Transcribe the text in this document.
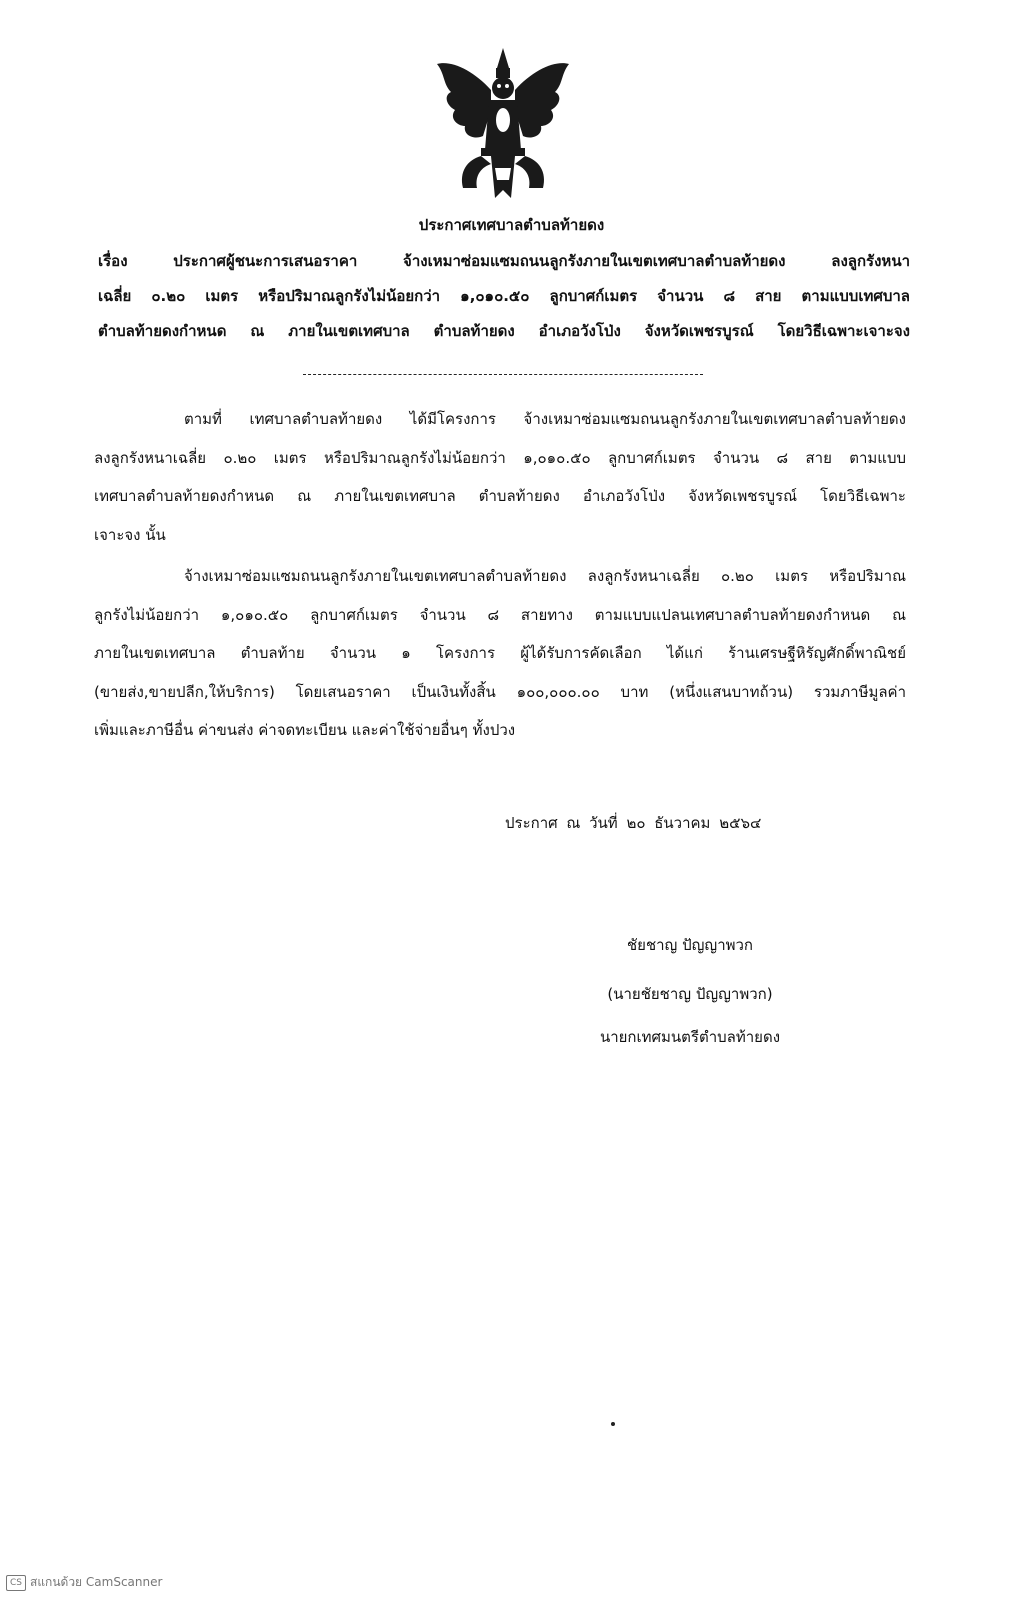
ประกาศเทศบาลตำบลท้ายดง
เรื่อง ประกาศผู้ชนะการเสนอราคา จ้างเหมาซ่อมแซมถนนลูกรังภายในเขตเทศบาลตำบลท้ายดง ลงลูกรังหนา
เฉลี่ย ๐.๒๐ เมตร หรือปริมาณลูกรังไม่น้อยกว่า ๑,๐๑๐.๕๐ ลูกบาศก์เมตร จำนวน ๘ สาย ตามแบบเทศบาล
ตำบลท้ายดงกำหนด ณ ภายในเขตเทศบาล ตำบลท้ายดง อำเภอวังโป่ง จังหวัดเพชรบูรณ์ โดยวิธีเฉพาะเจาะจง
ตามที่ เทศบาลตำบลท้ายดง ได้มีโครงการ จ้างเหมาซ่อมแซมถนนลูกรังภายในเขตเทศบาลตำบลท้ายดง
ลงลูกรังหนาเฉลี่ย ๐.๒๐ เมตร หรือปริมาณลูกรังไม่น้อยกว่า ๑,๐๑๐.๕๐ ลูกบาศก์เมตร จำนวน ๘ สาย ตามแบบ
เทศบาลตำบลท้ายดงกำหนด ณ ภายในเขตเทศบาล ตำบลท้ายดง อำเภอวังโป่ง จังหวัดเพชรบูรณ์ โดยวิธีเฉพาะ
เจาะจง นั้น
จ้างเหมาซ่อมแซมถนนลูกรังภายในเขตเทศบาลตำบลท้ายดง ลงลูกรังหนาเฉลี่ย ๐.๒๐ เมตร หรือปริมาณ
ลูกรังไม่น้อยกว่า ๑,๐๑๐.๕๐ ลูกบาศก์เมตร จำนวน ๘ สายทาง ตามแบบแปลนเทศบาลตำบลท้ายดงกำหนด ณ
ภายในเขตเทศบาล ตำบลท้าย จำนวน ๑ โครงการ ผู้ได้รับการคัดเลือก ได้แก่ ร้านเศรษฐีหิรัญศักดิ์พาณิชย์
(ขายส่ง,ขายปลีก,ให้บริการ) โดยเสนอราคา เป็นเงินทั้งสิ้น ๑๐๐,๐๐๐.๐๐ บาท (หนึ่งแสนบาทถ้วน) รวมภาษีมูลค่า
เพิ่มและภาษีอื่น ค่าขนส่ง ค่าจดทะเบียน และค่าใช้จ่ายอื่นๆ ทั้งปวง
ประกาศ ณ วันที่ ๒๐ ธันวาคม ๒๕๖๔
ชัยชาญ ปัญญาพวก
(นายชัยชาญ ปัญญาพวก)
นายกเทศมนตรีตำบลท้ายดง
CS สแกนด้วย CamScanner
